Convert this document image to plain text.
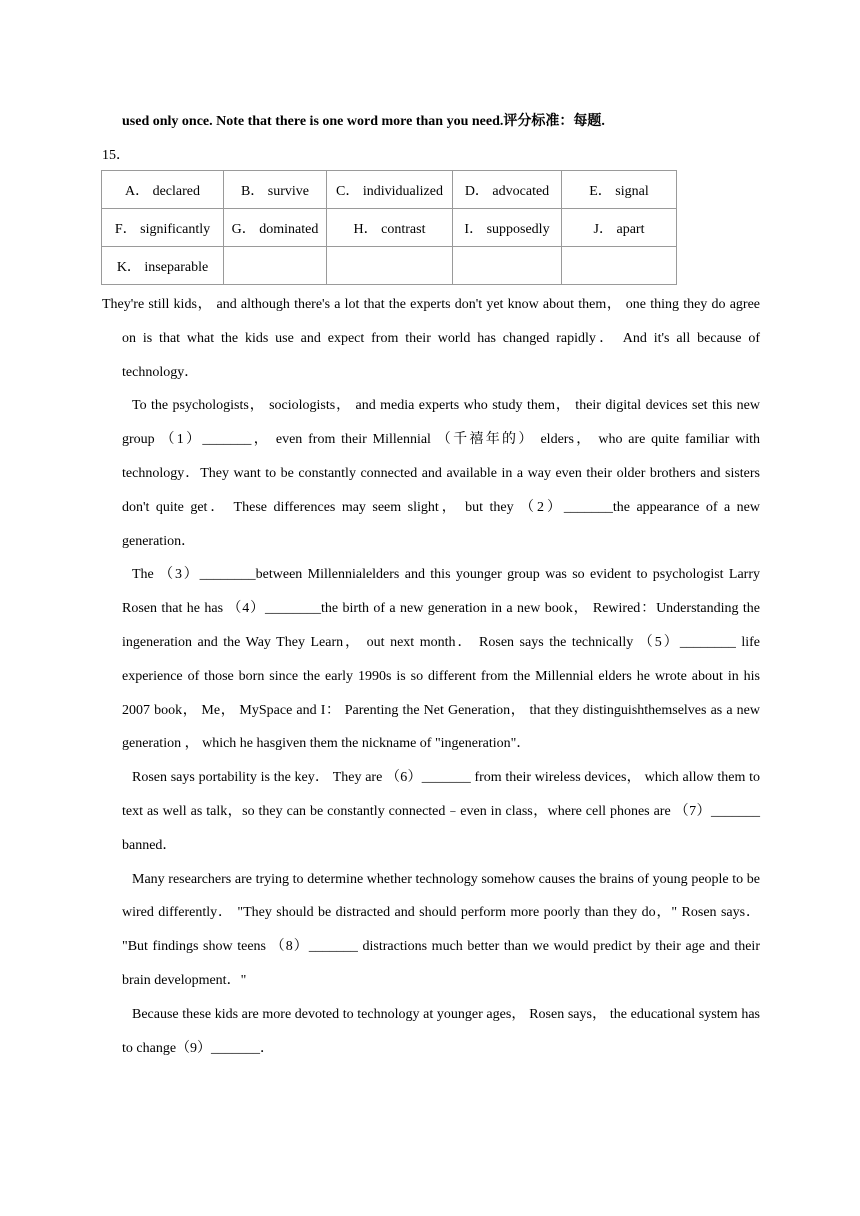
used only once. Note that there is one word more than you need.评分标准：每题.
15．
A． declared	B． survive	C． individualized	D． advocated	E． signal
F． significantly	G． dominated	H． contrast	I． supposedly	J． apart
K． inseparable				

They're still kids， and although there's a lot that the experts don't yet know about them， one thing they do agree on is that what the kids use and expect from their world has changed rapidly． And it's all because of technology．

To the psychologists， sociologists， and media experts who study them， their digital devices set this new group （1）_______， even from their Millennial （千禧年的） elders， who are quite familiar with technology．They want to be constantly connected and available in a way even their older brothers and sisters don't quite get． These differences may seem slight， but they （2）_______the appearance of a new generation．

The （3）________between Millennialelders and this younger group was so evident to psychologist Larry Rosen that he has （4）________the birth of a new generation in a new book， Rewired：Understanding the ingeneration and the Way They Learn， out next month． Rosen says the technically （5）________ life experience of those born since the early 1990s is so different from the Millennial elders he wrote about in his 2007 book， Me， MySpace and I： Parenting the Net Generation， that they distinguishthemselves as a new generation ， which he hasgiven them the nickname of "ingeneration"．

Rosen says portability is the key． They are （6）_______ from their wireless devices， which allow them to text as well as talk，so they can be constantly connected﹣even in class，where cell phones are （7）_______ banned．

Many researchers are trying to determine whether technology somehow causes the brains of young people to be wired differently． "They should be distracted and should perform more poorly than they do，" Rosen says． "But findings show teens （8）_______ distractions much better than we would predict by their age and their brain development．"

Because these kids are more devoted to technology at younger ages， Rosen says， the educational system has to change（9）_______．
